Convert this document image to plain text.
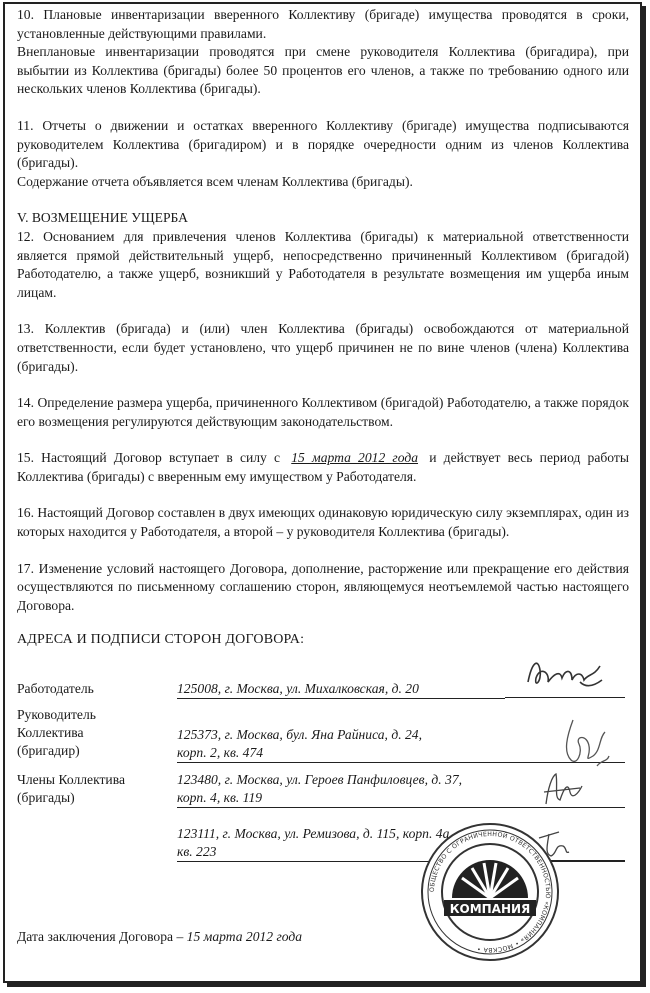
10. Плановые инвентаризации вверенного Коллективу (бригаде) имущества проводятся в сроки, установленные действующими правилами.

Внеплановые инвентаризации проводятся при смене руководителя Коллектива (бригадира), при выбытии из Коллектива (бригады) более 50 процентов его членов, а также по требованию одного или нескольких членов Коллектива (бригады).

11. Отчеты о движении и остатках вверенного Коллективу (бригаде) имущества подписываются руководителем Коллектива (бригадиром) и в порядке очередности одним из членов Коллектива (бригады).

Содержание отчета объявляется всем членам Коллектива (бригады).

V. ВОЗМЕЩЕНИЕ УЩЕРБА

12. Основанием для привлечения членов Коллектива (бригады) к материальной ответственности является прямой действительный ущерб, непосредственно причиненный Коллективом (бригадой) Работодателю, а также ущерб, возникший у Работодателя в результате возмещения им ущерба иным лицам.

13. Коллектив (бригада) и (или) член Коллектива (бригады) освобождаются от материальной ответственности, если будет установлено, что ущерб причинен не по вине членов (члена) Коллектива (бригады).

14. Определение размера ущерба, причиненного Коллективом (бригадой) Работодателю, а также порядок его возмещения регулируются действующим законодательством.

15. Настоящий Договор вступает в силу с 15 марта 2012 года и действует весь период работы Коллектива (бригады) с вверенным ему имуществом у Работодателя.

16. Настоящий Договор составлен в двух имеющих одинаковую юридическую силу экземплярах, один из которых находится у Работодателя, а второй – у руководителя Коллектива (бригады).

17. Изменение условий настоящего Договора, дополнение, расторжение или прекращение его действия осуществляются по письменному соглашению сторон, являющемуся неотъемлемой частью настоящего Договора.

АДРЕСА И ПОДПИСИ СТОРОН ДОГОВОРА:
Работодатель	125008, г. Москва, ул. Михалковская, д. 20
Руководитель
Коллектива
(бригадир)
125373, г. Москва, бул. Яна Райниса, д. 24,
корп. 2, кв. 474
Члены Коллектива
(бригады)
123480, г. Москва, ул. Героев Панфиловцев, д. 37,
корп. 4, кв. 119
123111, г. Москва, ул. Ремизова, д. 115, корп. 4а,
кв. 223
ОБЩЕСТВО С ОГРАНИЧЕННОЙ ОТВЕТСТВЕННОСТЬЮ «КОМПАНИЯ» • МОСКВА •
КОМПАНИЯ
Дата заключения Договора – 15 марта 2012 года
